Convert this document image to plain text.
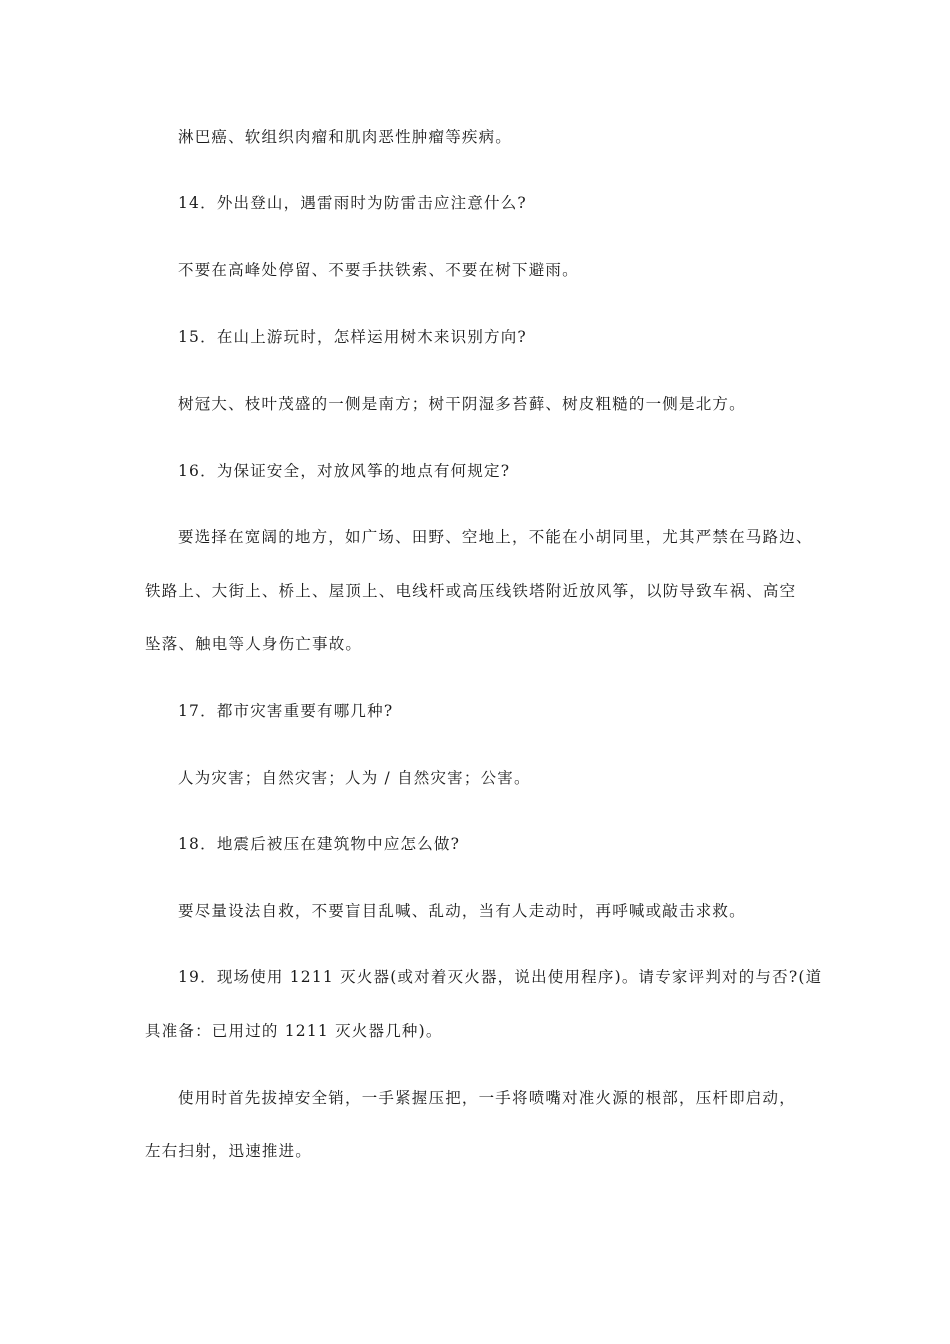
淋巴癌、软组织肉瘤和肌肉恶性肿瘤等疾病。
14．外出登山，遇雷雨时为防雷击应注意什么?
不要在高峰处停留、不要手扶铁索、不要在树下避雨。
15．在山上游玩时，怎样运用树木来识别方向?
树冠大、枝叶茂盛的一侧是南方；树干阴湿多苔藓、树皮粗糙的一侧是北方。
16．为保证安全，对放风筝的地点有何规定?
要选择在宽阔的地方，如广场、田野、空地上，不能在小胡同里，尤其严禁在马路边、
铁路上、大街上、桥上、屋顶上、电线杆或高压线铁塔附近放风筝，以防导致车祸、高空
坠落、触电等人身伤亡事故。
17．都市灾害重要有哪几种?
人为灾害；自然灾害；人为 / 自然灾害；公害。
18．地震后被压在建筑物中应怎么做?
要尽量设法自救，不要盲目乱喊、乱动，当有人走动时，再呼喊或敲击求救。
19．现场使用 1211 灭火器(或对着灭火器，说出使用程序)。请专家评判对的与否?(道
具准备：已用过的 1211 灭火器几种)。
使用时首先拔掉安全销，一手紧握压把，一手将喷嘴对准火源的根部，压杆即启动，
左右扫射，迅速推进。
